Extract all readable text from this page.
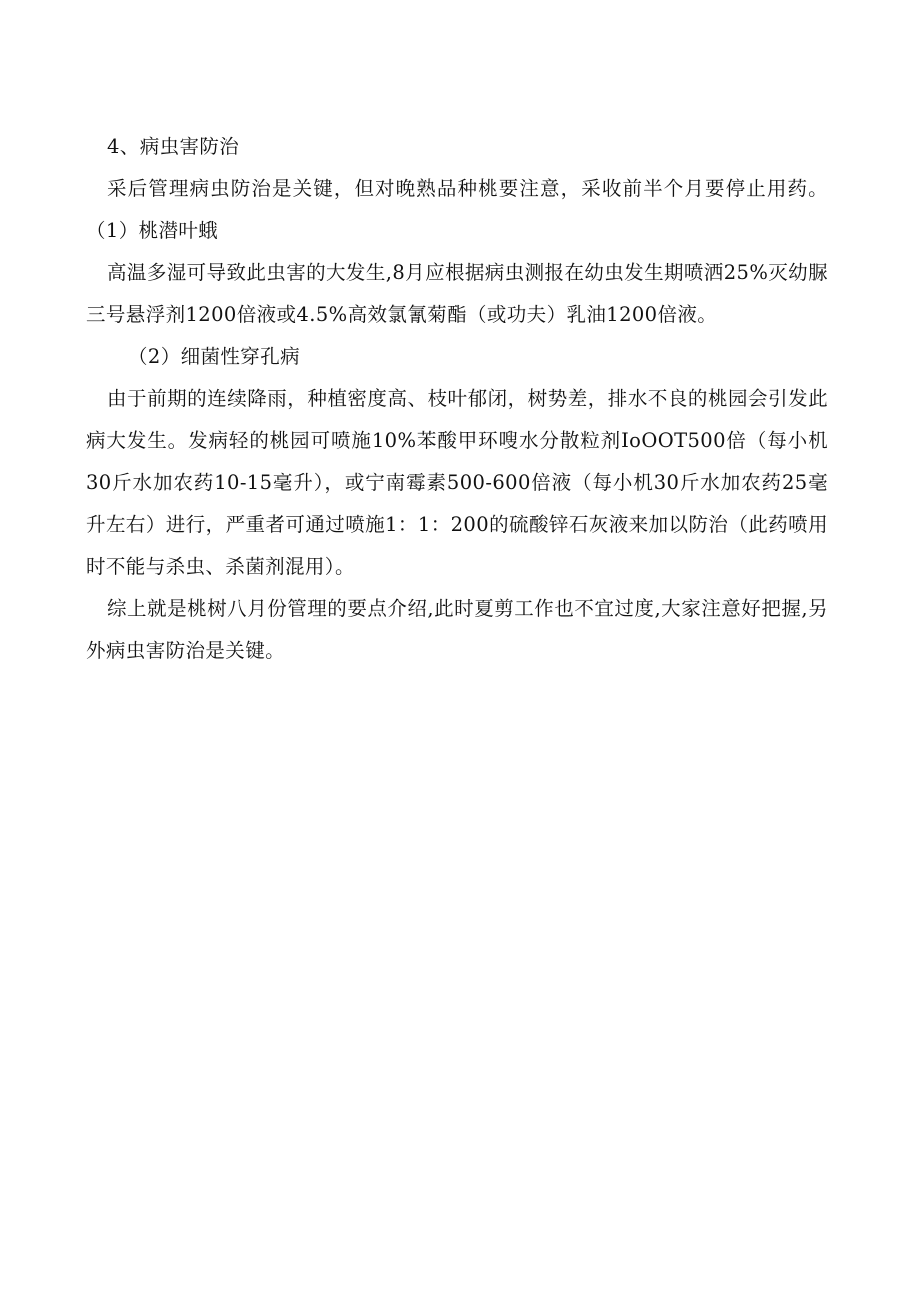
4、病虫害防治

采后管理病虫防治是关键，但对晚熟品种桃要注意，采收前半个月要停止用药。（1）桃潜叶蛾

高温多湿可导致此虫害的大发生,8月应根据病虫测报在幼虫发生期喷洒25%灭幼脲三号悬浮剂1200倍液或4.5%高效氯氰菊酯（或功夫）乳油1200倍液。

（2）细菌性穿孔病

由于前期的连续降雨，种植密度高、枝叶郁闭，树势差，排水不良的桃园会引发此病大发生。发病轻的桃园可喷施10%苯酸甲环嗖水分散粒剂IoOOT500倍（每小机30斤水加农药10-15毫升），或宁南霉素500-600倍液（每小机30斤水加农药25毫升左右）进行，严重者可通过喷施1：1：200的硫酸锌石灰液来加以防治（此药喷用时不能与杀虫、杀菌剂混用）。

综上就是桃树八月份管理的要点介绍,此时夏剪工作也不宜过度,大家注意好把握,另外病虫害防治是关键。
